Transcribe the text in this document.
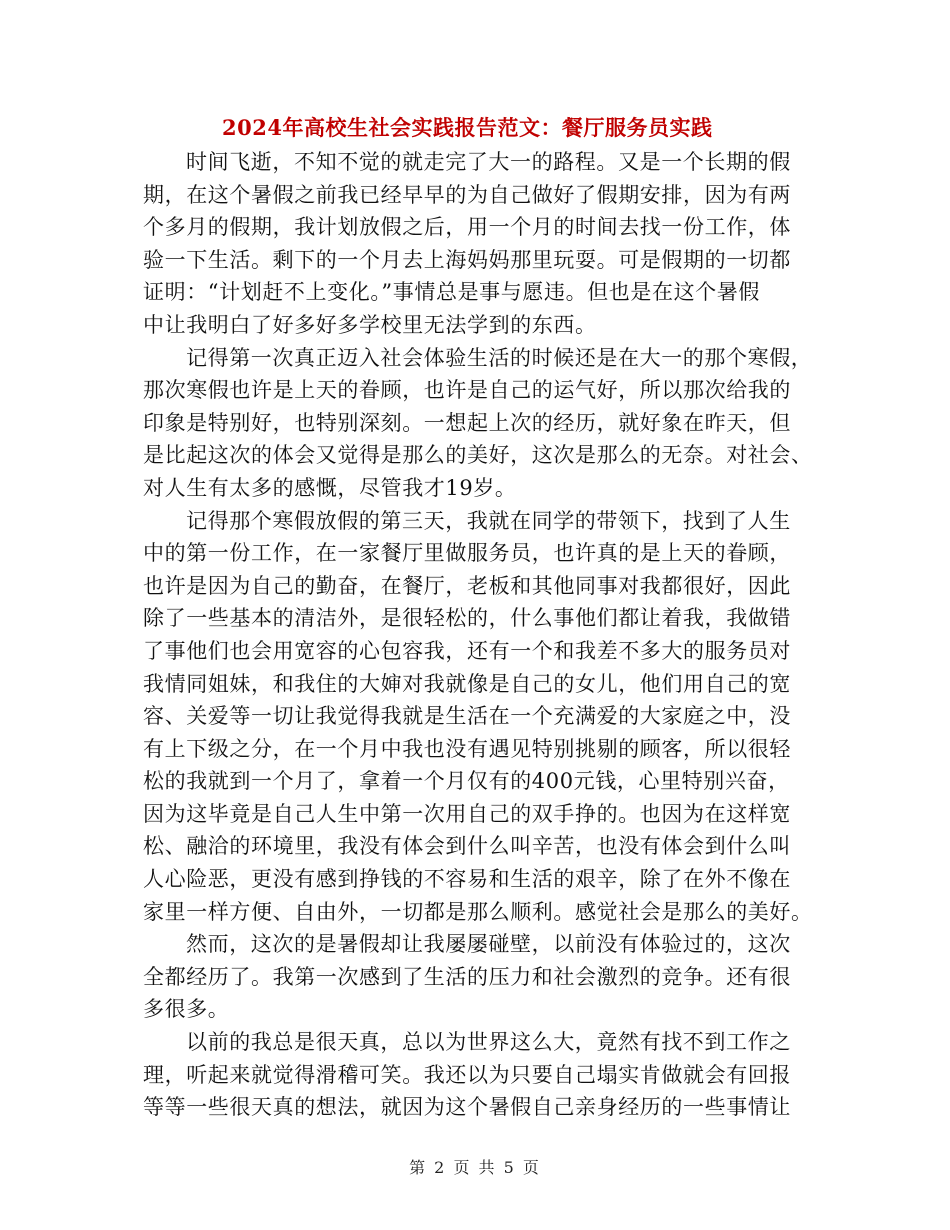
2024年高校生社会实践报告范文：餐厅服务员实践
时间飞逝，不知不觉的就走完了大一的路程。又是一个长期的假
期，在这个暑假之前我已经早早的为自己做好了假期安排，因为有两
个多月的假期，我计划放假之后，用一个月的时间去找一份工作，体
验一下生活。剩下的一个月去上海妈妈那里玩耍。可是假期的一切都
证明：“计划赶不上变化。”事情总是事与愿违。但也是在这个暑假
中让我明白了好多好多学校里无法学到的东西。
记得第一次真正迈入社会体验生活的时候还是在大一的那个寒假，
那次寒假也许是上天的眷顾，也许是自己的运气好，所以那次给我的
印象是特别好，也特别深刻。一想起上次的经历，就好象在昨天，但
是比起这次的体会又觉得是那么的美好，这次是那么的无奈。对社会、
对人生有太多的感慨，尽管我才19岁。
记得那个寒假放假的第三天，我就在同学的带领下，找到了人生
中的第一份工作，在一家餐厅里做服务员，也许真的是上天的眷顾，
也许是因为自己的勤奋，在餐厅，老板和其他同事对我都很好，因此
除了一些基本的清洁外，是很轻松的，什么事他们都让着我，我做错
了事他们也会用宽容的心包容我，还有一个和我差不多大的服务员对
我情同姐妹，和我住的大婶对我就像是自己的女儿，他们用自己的宽
容、关爱等一切让我觉得我就是生活在一个充满爱的大家庭之中，没
有上下级之分，在一个月中我也没有遇见特别挑剔的顾客，所以很轻
松的我就到一个月了，拿着一个月仅有的400元钱，心里特别兴奋，
因为这毕竟是自己人生中第一次用自己的双手挣的。也因为在这样宽
松、融洽的环境里，我没有体会到什么叫辛苦，也没有体会到什么叫
人心险恶，更没有感到挣钱的不容易和生活的艰辛，除了在外不像在
家里一样方便、自由外，一切都是那么顺利。感觉社会是那么的美好。
然而，这次的是暑假却让我屡屡碰壁，以前没有体验过的，这次
全都经历了。我第一次感到了生活的压力和社会激烈的竞争。还有很
多很多。
以前的我总是很天真，总以为世界这么大，竟然有找不到工作之
理，听起来就觉得滑稽可笑。我还以为只要自己塌实肯做就会有回报
等等一些很天真的想法，就因为这个暑假自己亲身经历的一些事情让
第 2 页 共 5 页
